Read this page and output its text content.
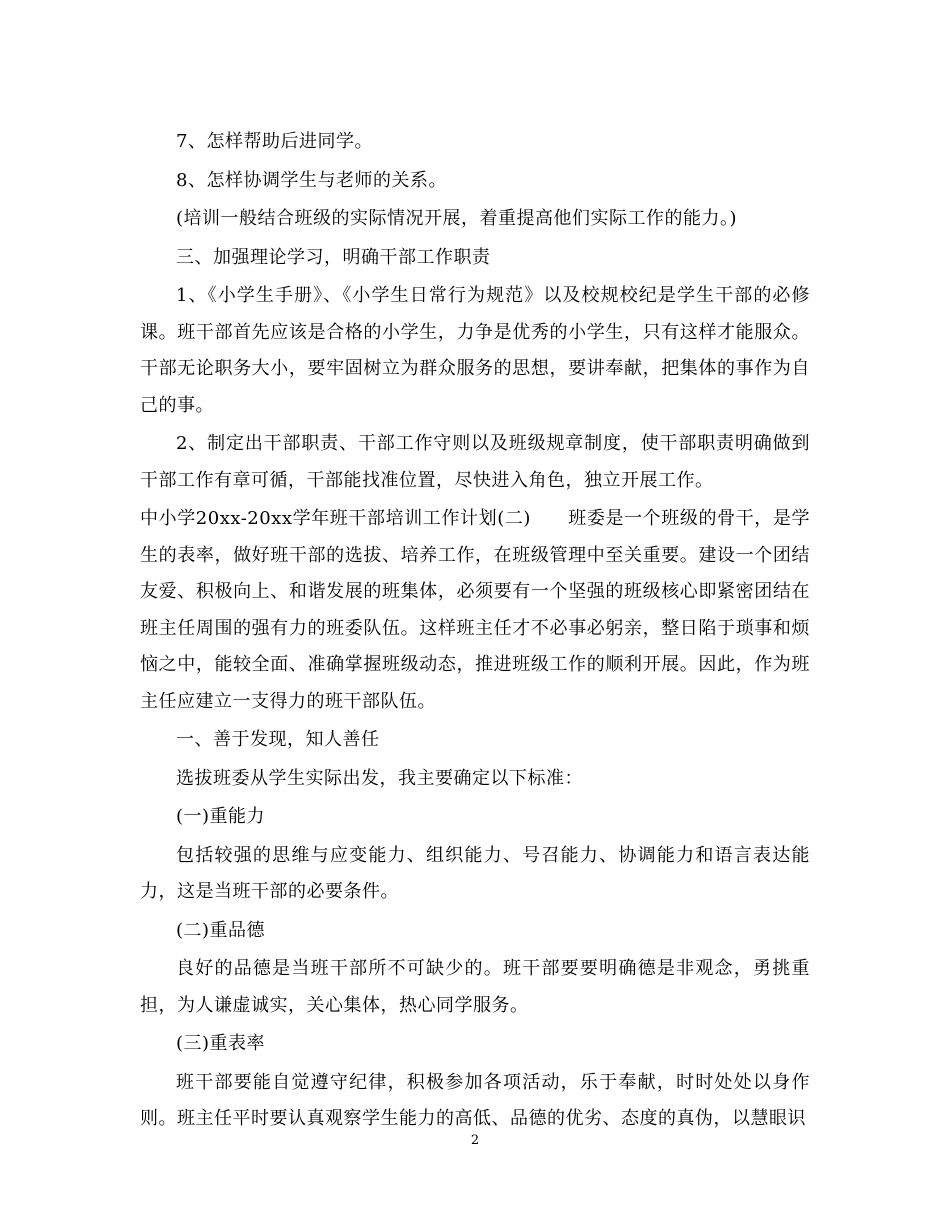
7、怎样帮助后进同学。

8、怎样协调学生与老师的关系。

(培训一般结合班级的实际情况开展，着重提高他们实际工作的能力。)

三、加强理论学习，明确干部工作职责

1、《小学生手册》、《小学生日常行为规范》以及校规校纪是学生干部的必修课。班干部首先应该是合格的小学生，力争是优秀的小学生，只有这样才能服众。干部无论职务大小，要牢固树立为群众服务的思想，要讲奉献，把集体的事作为自己的事。

2、制定出干部职责、干部工作守则以及班级规章制度，使干部职责明确做到干部工作有章可循，干部能找准位置，尽快进入角色，独立开展工作。

中小学20xx-20xx学年班干部培训工作计划(二)　　班委是一个班级的骨干，是学生的表率，做好班干部的选拔、培养工作，在班级管理中至关重要。建设一个团结友爱、积极向上、和谐发展的班集体，必须要有一个坚强的班级核心即紧密团结在班主任周围的强有力的班委队伍。这样班主任才不必事必躬亲，整日陷于琐事和烦恼之中，能较全面、准确掌握班级动态，推进班级工作的顺利开展。因此，作为班主任应建立一支得力的班干部队伍。

一、善于发现，知人善任

选拔班委从学生实际出发，我主要确定以下标准：

(一)重能力

包括较强的思维与应变能力、组织能力、号召能力、协调能力和语言表达能力，这是当班干部的必要条件。

(二)重品德

良好的品德是当班干部所不可缺少的。班干部要要明确德是非观念，勇挑重担，为人谦虚诚实，关心集体，热心同学服务。

(三)重表率

班干部要能自觉遵守纪律，积极参加各项活动，乐于奉献，时时处处以身作则。班主任平时要认真观察学生能力的高低、品德的优劣、态度的真伪，以慧眼识

2
